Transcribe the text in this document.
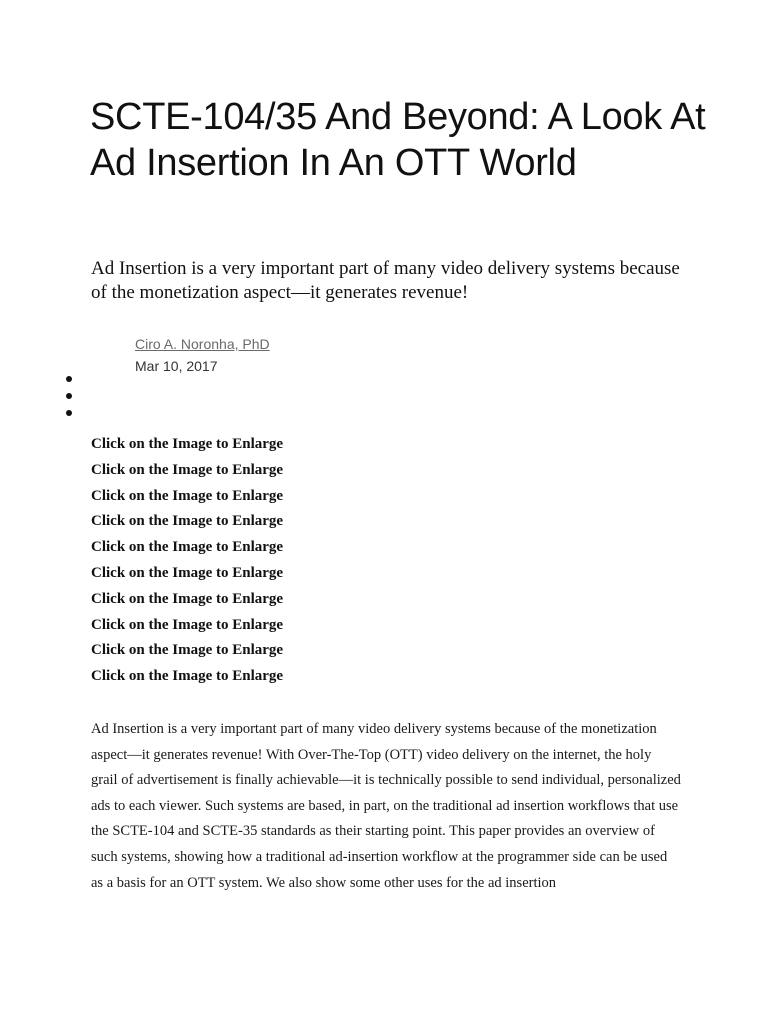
SCTE-104/35 And Beyond: A Look At Ad Insertion In An OTT World

Ad Insertion is a very important part of many video delivery systems because of the monetization aspect—it generates revenue!

Ciro A. Noronha, PhD
Mar 10, 2017
Click on the Image to Enlarge
Click on the Image to Enlarge
Click on the Image to Enlarge
Click on the Image to Enlarge
Click on the Image to Enlarge
Click on the Image to Enlarge
Click on the Image to Enlarge
Click on the Image to Enlarge
Click on the Image to Enlarge
Click on the Image to Enlarge

Ad Insertion is a very important part of many video delivery systems because of the monetization aspect—it generates revenue! With Over-The-Top (OTT) video delivery on the internet, the holy grail of advertisement is finally achievable—it is technically possible to send individual, personalized ads to each viewer. Such systems are based, in part, on the traditional ad insertion workflows that use the SCTE-104 and SCTE-35 standards as their starting point. This paper provides an overview of such systems, showing how a traditional ad-insertion workflow at the programmer side can be used as a basis for an OTT system. We also show some other uses for the ad insertion
